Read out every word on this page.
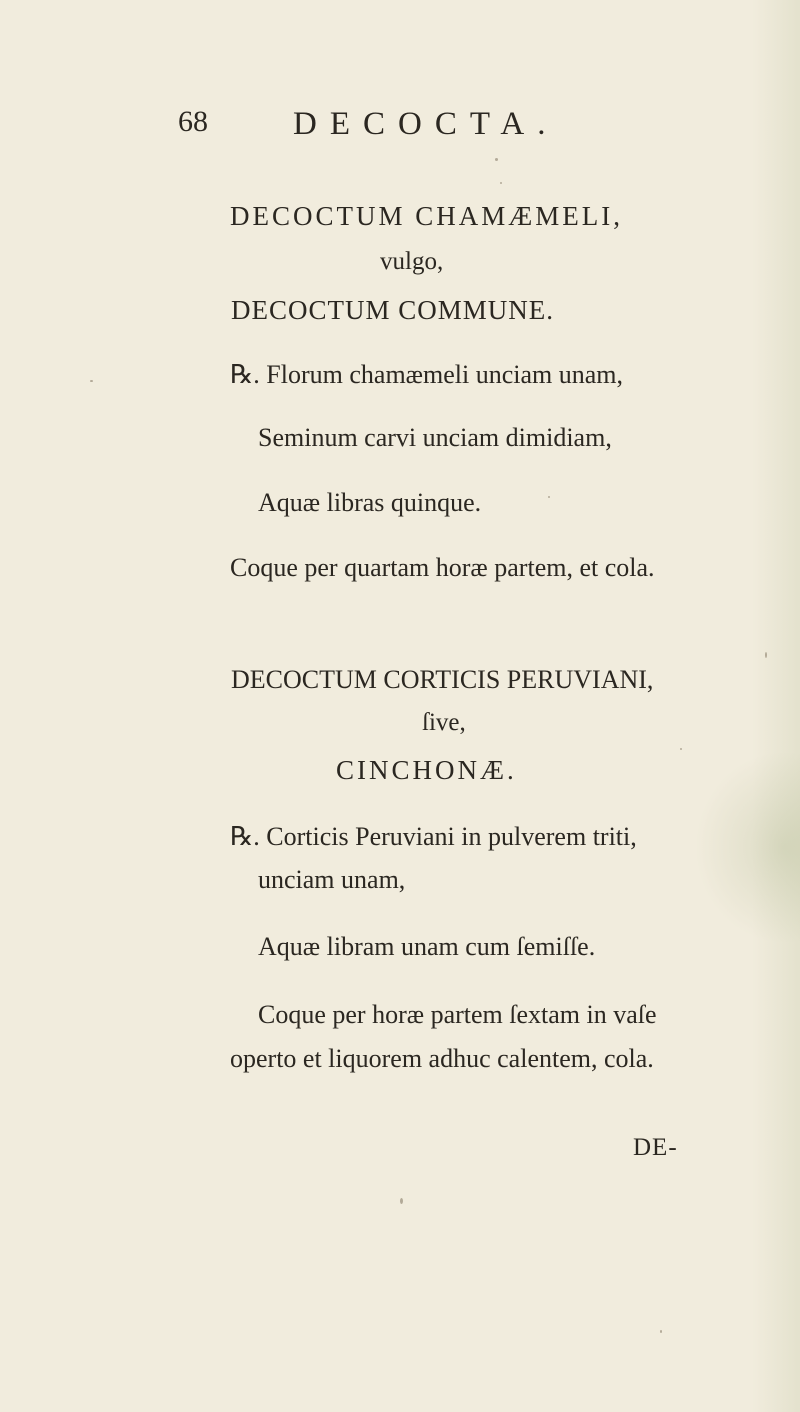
68	DECOCTA.
DECOCTUM CHAMÆMELI,
vulgo,
DECOCTUM COMMUNE.
℞. Florum chamæmeli unciam unam,
Seminum carvi unciam dimidiam,
Aquæ libras quinque.
Coque per quartam horæ partem, et cola.
DECOCTUM CORTICIS PERUVIANI,
ſive,
CINCHONÆ.
℞. Corticis Peruviani in pulverem triti,
unciam unam,
Aquæ libram unam cum ſemiſſe.
Coque per horæ partem ſextam in vaſe
operto et liquorem adhuc calentem, cola.
DE-
